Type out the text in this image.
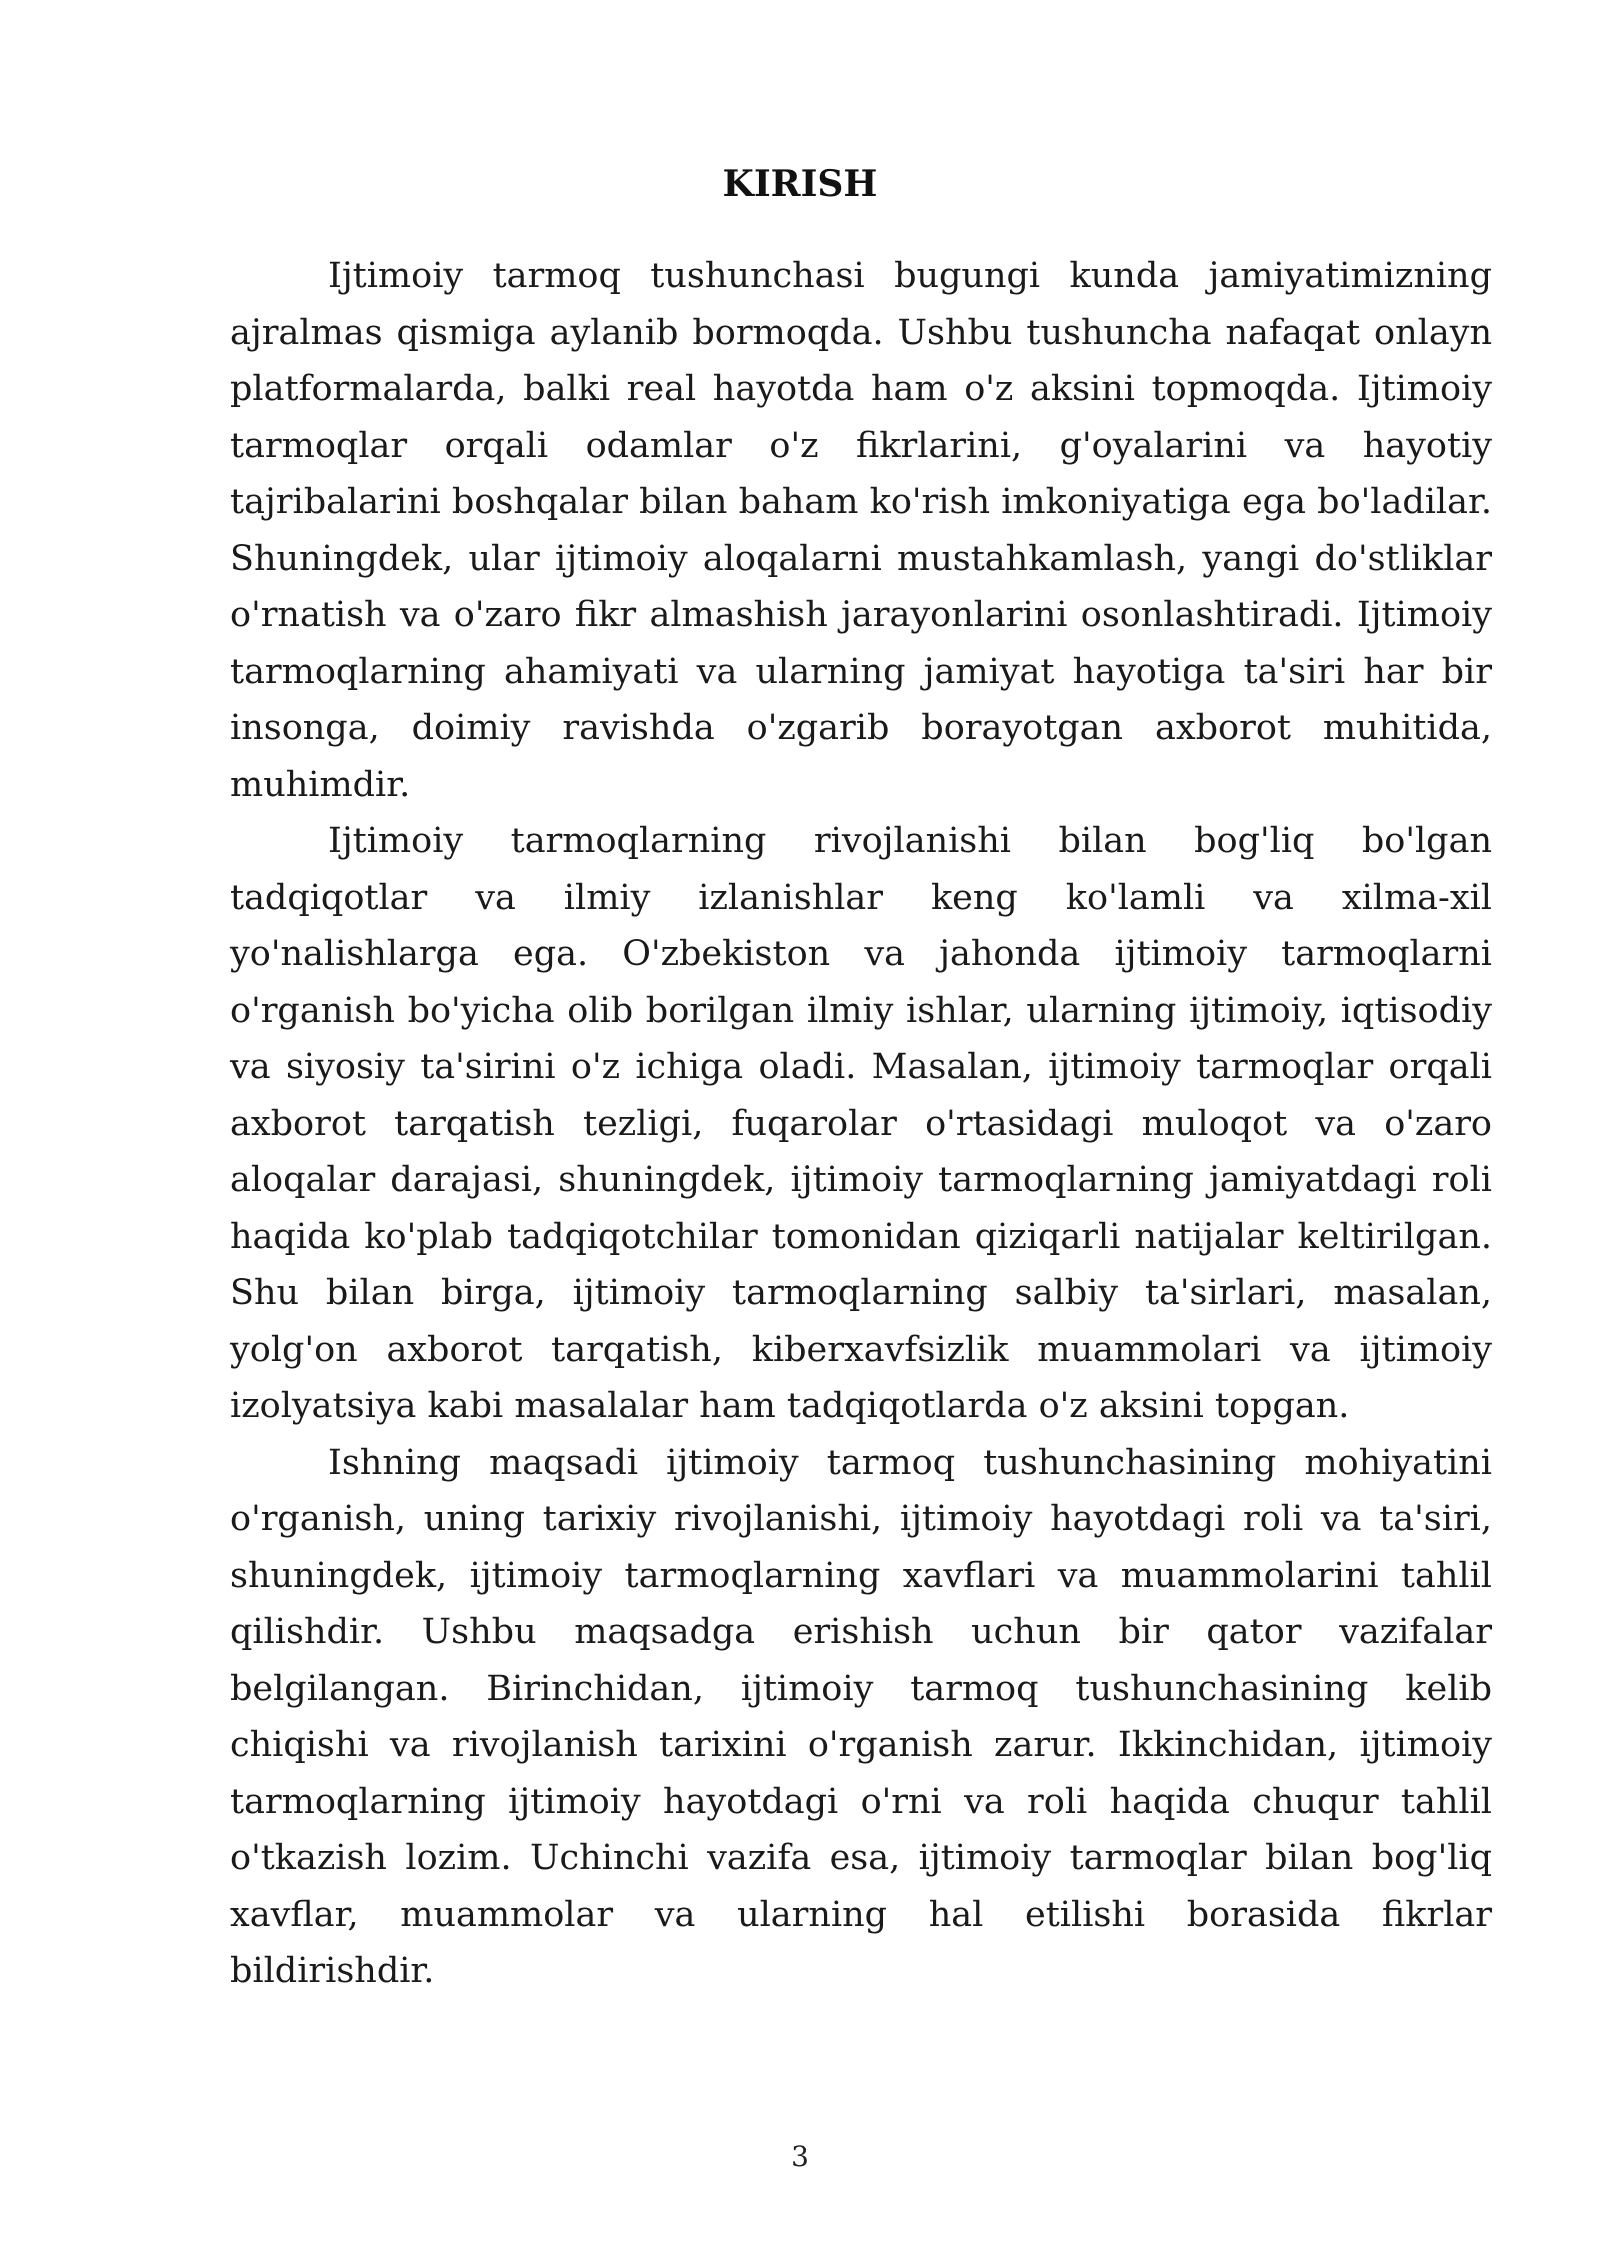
KIRISH

Ijtimoiy tarmoq tushunchasi bugungi kunda jamiyatimizning ajralmas qismiga aylanib bormoqda. Ushbu tushuncha nafaqat onlayn platformalarda, balki real hayotda ham o'z aksini topmoqda. Ijtimoiy tarmoqlar orqali odamlar o'z fikrlarini, g'oyalarini va hayotiy tajribalarini boshqalar bilan baham ko'rish imkoniyatiga ega bo'ladilar. Shuningdek, ular ijtimoiy aloqalarni mustahkamlash, yangi do'stliklar o'rnatish va o'zaro fikr almashish jarayonlarini osonlashtiradi. Ijtimoiy tarmoqlarning ahamiyati va ularning jamiyat hayotiga ta'siri har bir insonga, doimiy ravishda o'zgarib borayotgan axborot muhitida, muhimdir.

Ijtimoiy tarmoqlarning rivojlanishi bilan bog'liq bo'lgan tadqiqotlar va ilmiy izlanishlar keng ko'lamli va xilma-xil yo'nalishlarga ega. O'zbekiston va jahonda ijtimoiy tarmoqlarni o'rganish bo'yicha olib borilgan ilmiy ishlar, ularning ijtimoiy, iqtisodiy va siyosiy ta'sirini o'z ichiga oladi. Masalan, ijtimoiy tarmoqlar orqali axborot tarqatish tezligi, fuqarolar o'rtasidagi muloqot va o'zaro aloqalar darajasi, shuningdek, ijtimoiy tarmoqlarning jamiyatdagi roli haqida ko'plab tadqiqotchilar tomonidan qiziqarli natijalar keltirilgan. Shu bilan birga, ijtimoiy tarmoqlarning salbiy ta'sirlari, masalan, yolg'on axborot tarqatish, kiberxavfsizlik muammolari va ijtimoiy izolyatsiya kabi masalalar ham tadqiqotlarda o'z aksini topgan.

Ishning maqsadi ijtimoiy tarmoq tushunchasining mohiyatini o'rganish, uning tarixiy rivojlanishi, ijtimoiy hayotdagi roli va ta'siri, shuningdek, ijtimoiy tarmoqlarning xavflari va muammolarini tahlil qilishdir. Ushbu maqsadga erishish uchun bir qator vazifalar belgilangan. Birinchidan, ijtimoiy tarmoq tushunchasining kelib chiqishi va rivojlanish tarixini o'rganish zarur. Ikkinchidan, ijtimoiy tarmoqlarning ijtimoiy hayotdagi o'rni va roli haqida chuqur tahlil o'tkazish lozim. Uchinchi vazifa esa, ijtimoiy tarmoqlar bilan bog'liq xavflar, muammolar va ularning hal etilishi borasida fikrlar bildirishdir.

3
